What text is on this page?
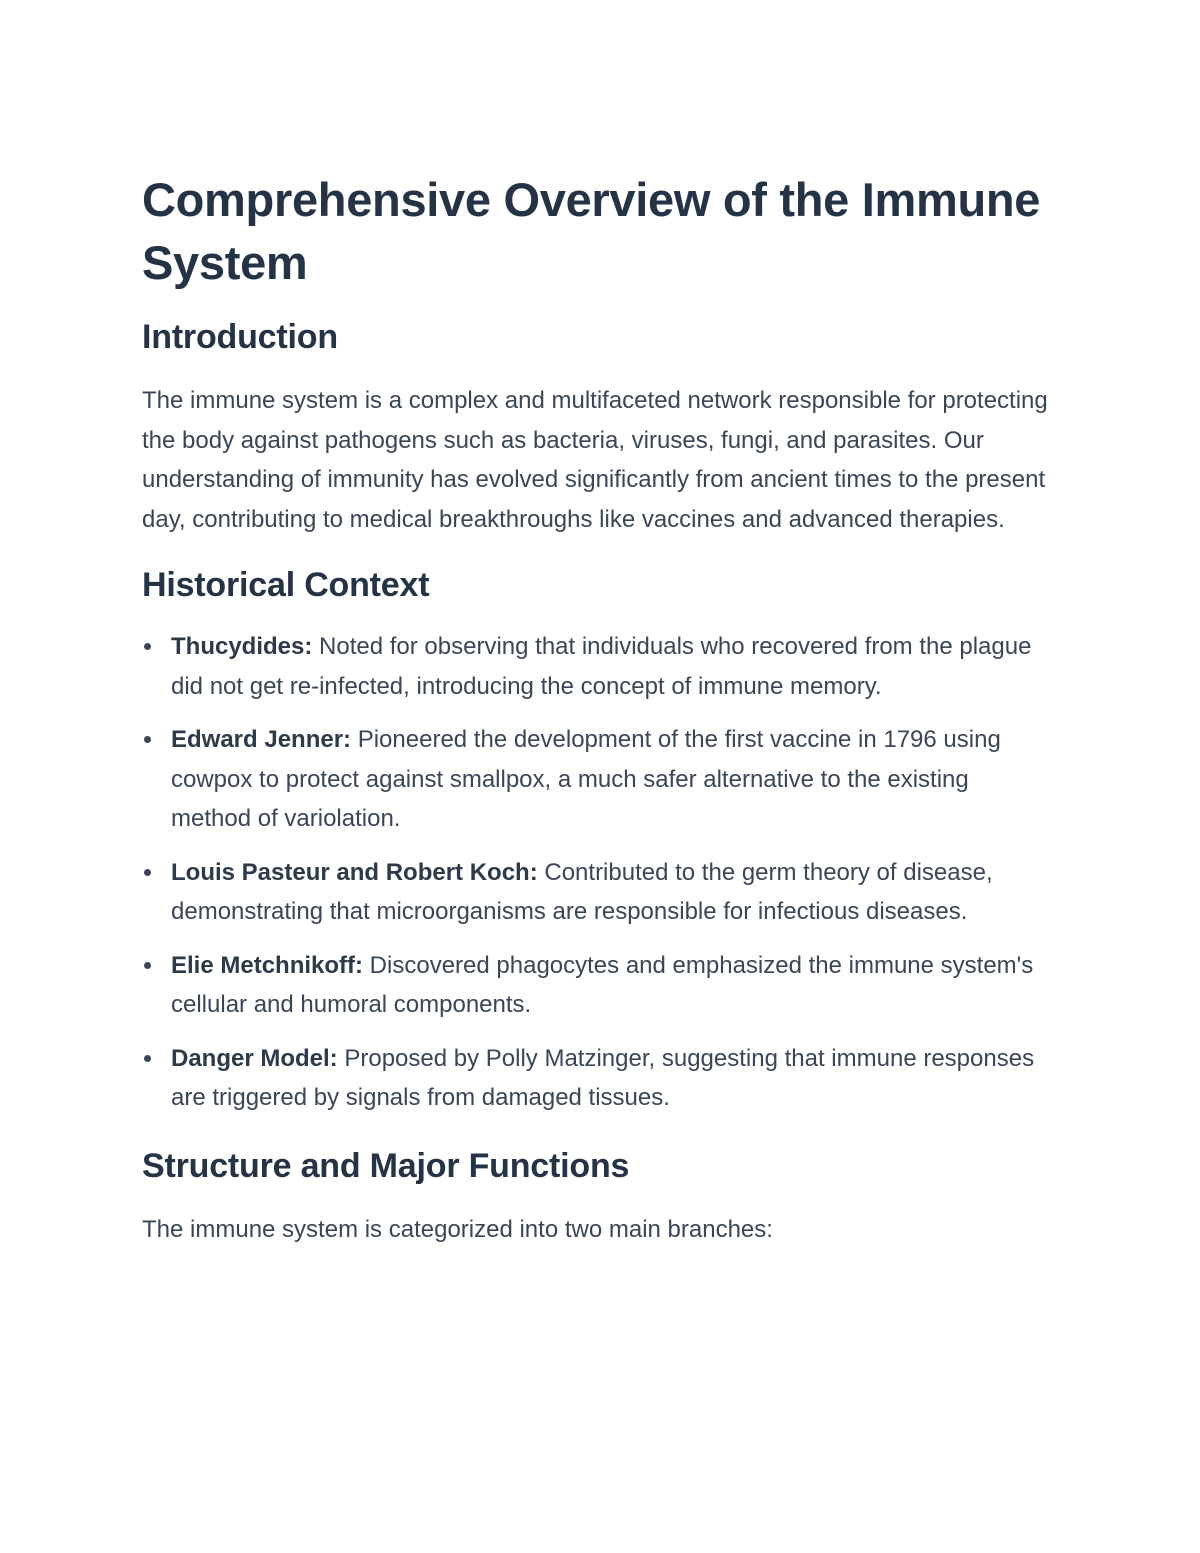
Comprehensive Overview of the Immune System
Introduction

The immune system is a complex and multifaceted network responsible for protecting the body against pathogens such as bacteria, viruses, fungi, and parasites. Our understanding of immunity has evolved significantly from ancient times to the present day, contributing to medical breakthroughs like vaccines and advanced therapies.

Historical Context
Thucydides: Noted for observing that individuals who recovered from the plague did not get re-infected, introducing the concept of immune memory.
Edward Jenner: Pioneered the development of the first vaccine in 1796 using cowpox to protect against smallpox, a much safer alternative to the existing method of variolation.
Louis Pasteur and Robert Koch: Contributed to the germ theory of disease, demonstrating that microorganisms are responsible for infectious diseases.
Elie Metchnikoff: Discovered phagocytes and emphasized the immune system's cellular and humoral components.
Danger Model: Proposed by Polly Matzinger, suggesting that immune responses are triggered by signals from damaged tissues.
Structure and Major Functions

The immune system is categorized into two main branches:
